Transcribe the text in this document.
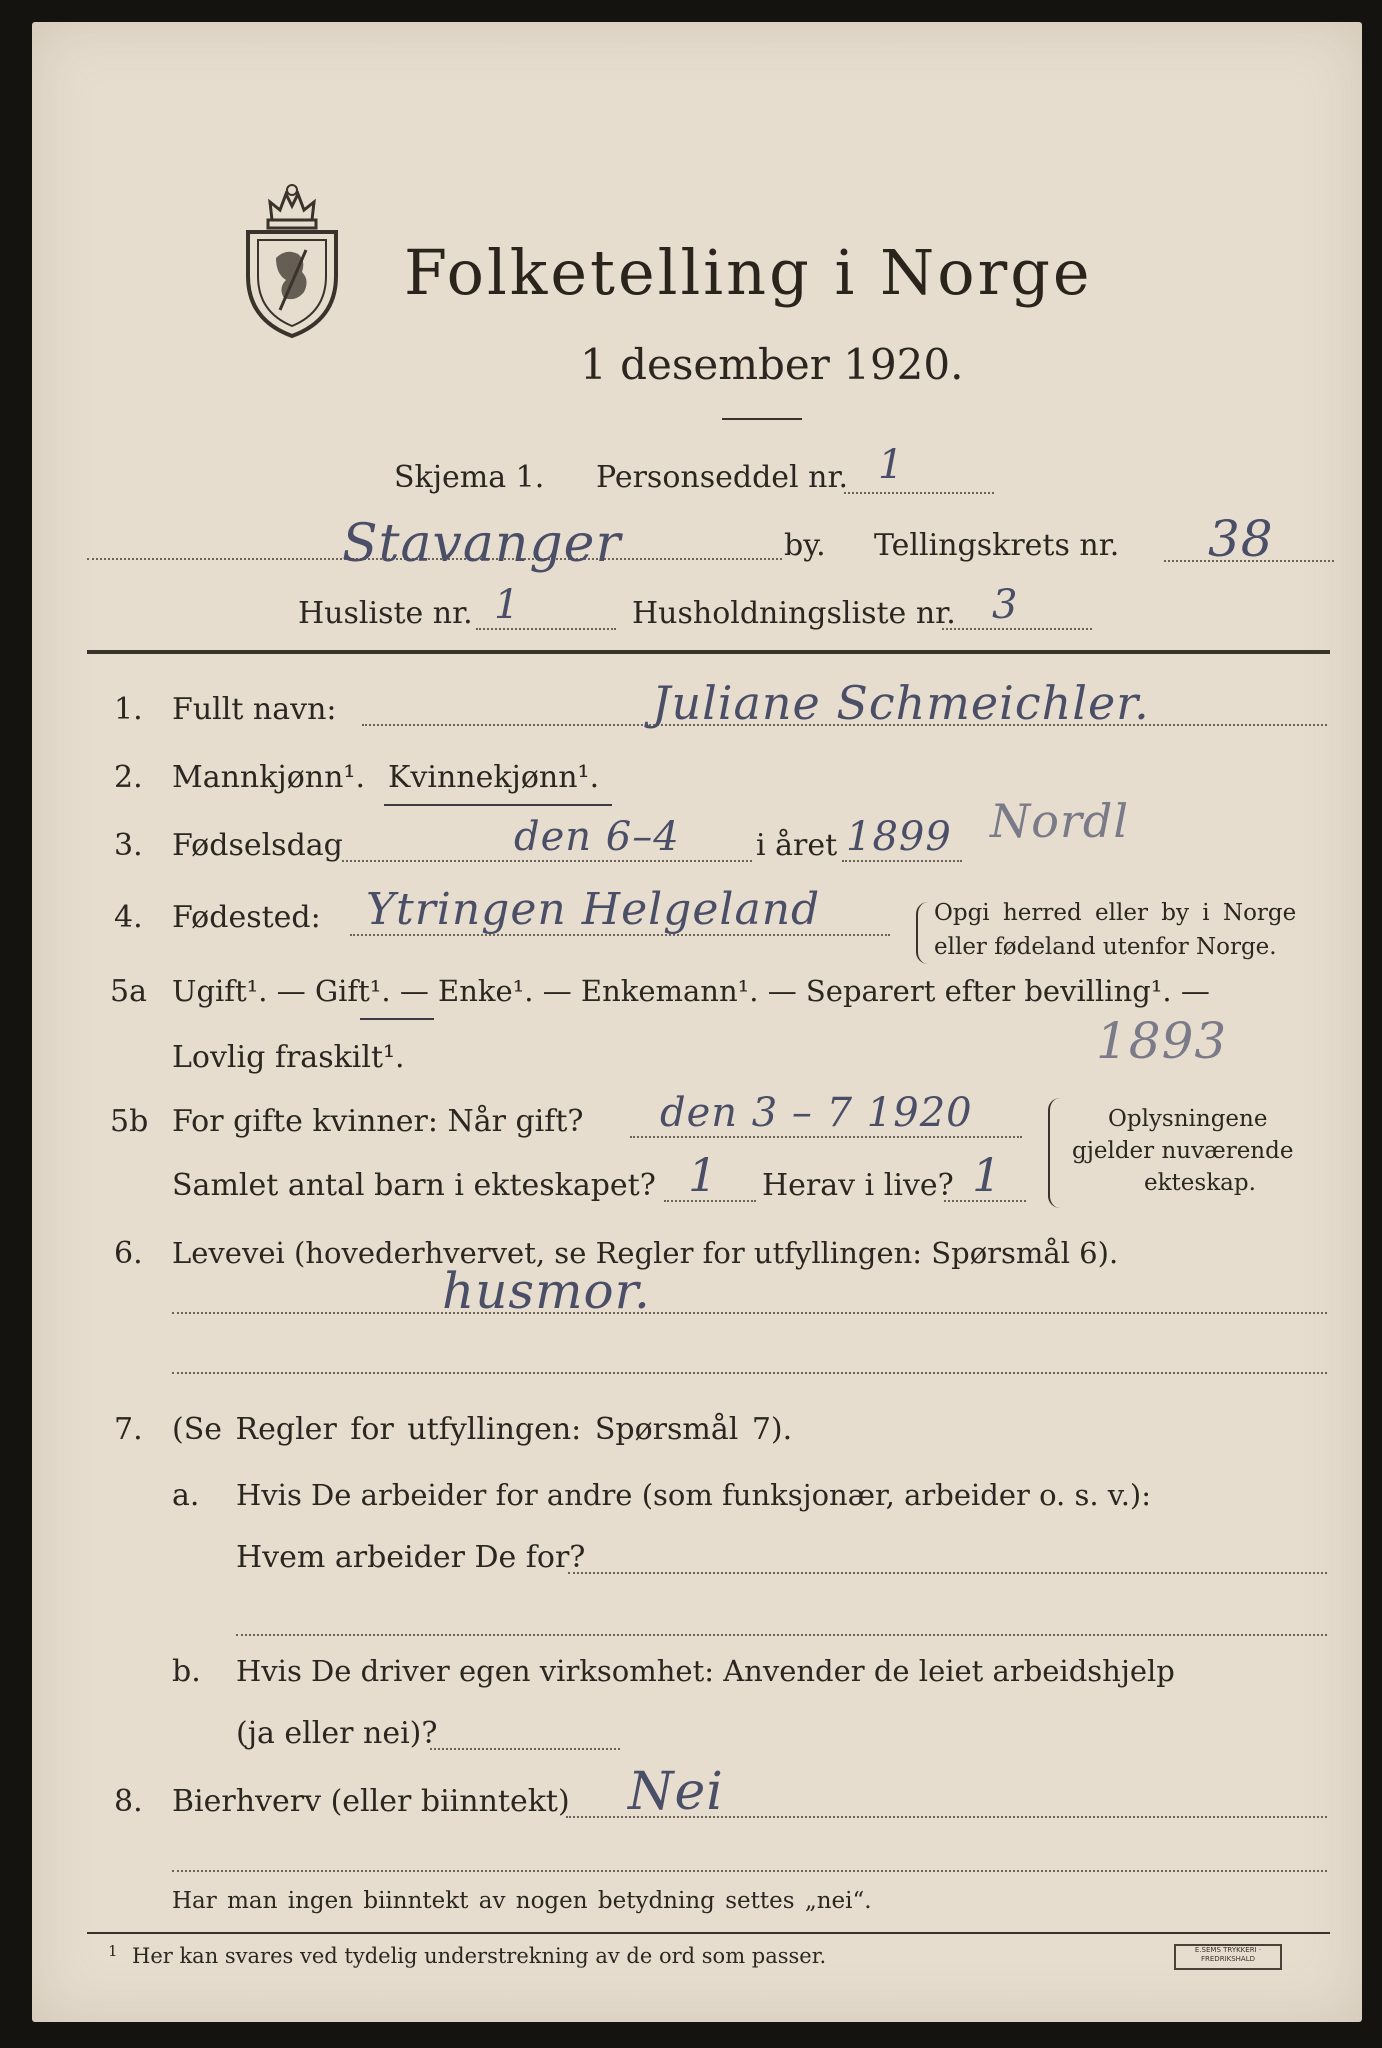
Folketelling i Norge
1 desember 1920.
Skjema 1. Personseddel nr. 1
Stavanger	by. Tellingskrets nr. 38
Husliste nr. 1	Husholdningsliste nr. 3
1. Fullt navn:	Juliane Schmeichler.
2. Mannkjønn¹. Kvinnekjønn¹.
3. Fødselsdag	den 6–4	i året 1899 Nordl
4. Fødested: Ytringen Helgeland	Opgi herred eller by i Norge
eller fødeland utenfor Norge.
5a Ugift¹. — Gift¹. — Enke¹. — Enkemann¹. — Separert efter bevilling¹. —
Lovlig fraskilt¹.	1893
5b For gifte kvinner: Når gift? den 3 – 7 1920
Samlet antal barn i ekteskapet? 1 Herav i live? 1
Oplysningene
gjelder nuværende
ekteskap.
6. Levevei (hovederhvervet, se Regler for utfyllingen: Spørsmål 6).
husmor.
7. (Se Regler for utfyllingen: Spørsmål 7).
a. Hvis De arbeider for andre (som funksjonær, arbeider o. s. v.):
Hvem arbeider De for?
b. Hvis De driver egen virksomhet: Anvender de leiet arbeidshjelp
(ja eller nei)?
8. Bierhverv (eller biinntekt) Nei
Har man ingen biinntekt av nogen betydning settes „nei“.
1 Her kan svares ved tydelig understrekning av de ord som passer.	E.SEMS TRYKKERI · FREDRIKSHALD
